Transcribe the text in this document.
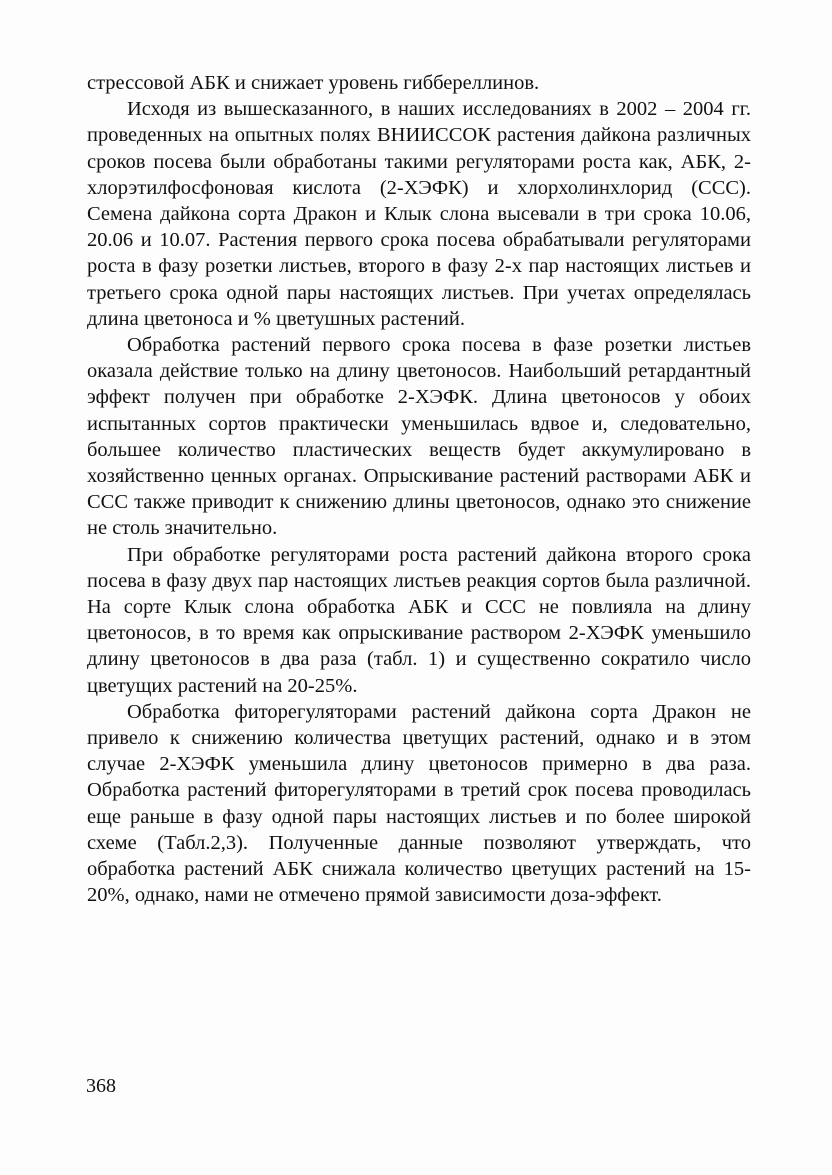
стрессовой АБК и снижает уровень гиббереллинов.

Исходя из вышесказанного, в наших исследованиях в 2002 – 2004 гг. проведенных на опытных полях ВНИИССОК растения дайкона различных сроков посева были обработаны такими регуляторами роста как, АБК, 2-хлорэтилфосфоновая кислота (2-ХЭФК) и хлорхолинхлорид (ССС). Семена дайкона сорта Дракон и Клык слона высевали в три срока 10.06, 20.06 и 10.07. Растения первого срока посева обрабатывали регуляторами роста в фазу розетки листьев, второго в фазу 2-х пар настоящих листьев и третьего срока одной пары настоящих листьев. При учетах определялась длина цветоноса и % цветушных растений.

Обработка растений первого срока посева в фазе розетки листьев оказала действие только на длину цветоносов. Наибольший ретардантный эффект получен при обработке 2-ХЭФК. Длина цветоносов у обоих испытанных сортов практически уменьшилась вдвое и, следовательно, большее количество пластических веществ будет аккумулировано в хозяйственно ценных органах. Опрыскивание растений растворами АБК и ССС также приводит к снижению длины цветоносов, однако это снижение не столь значительно.

При обработке регуляторами роста растений дайкона второго срока посева в фазу двух пар настоящих листьев реакция сортов была различной. На сорте Клык слона обработка АБК и ССС не повлияла на длину цветоносов, в то время как опрыскивание раствором 2-ХЭФК уменьшило длину цветоносов в два раза (табл. 1) и существенно сократило число цветущих растений на 20-25%.

Обработка фиторегуляторами растений дайкона сорта Дракон не привело к снижению количества цветущих растений, однако и в этом случае 2-ХЭФК уменьшила длину цветоносов примерно в два раза. Обработка растений фиторегуляторами в третий срок посева проводилась еще раньше в фазу одной пары настоящих листьев и по более широкой схеме (Табл.2,3). Полученные данные позволяют утверждать, что обработка растений АБК снижала количество цветущих растений на 15-20%, однако, нами не отмечено прямой зависимости доза-эффект.

368
